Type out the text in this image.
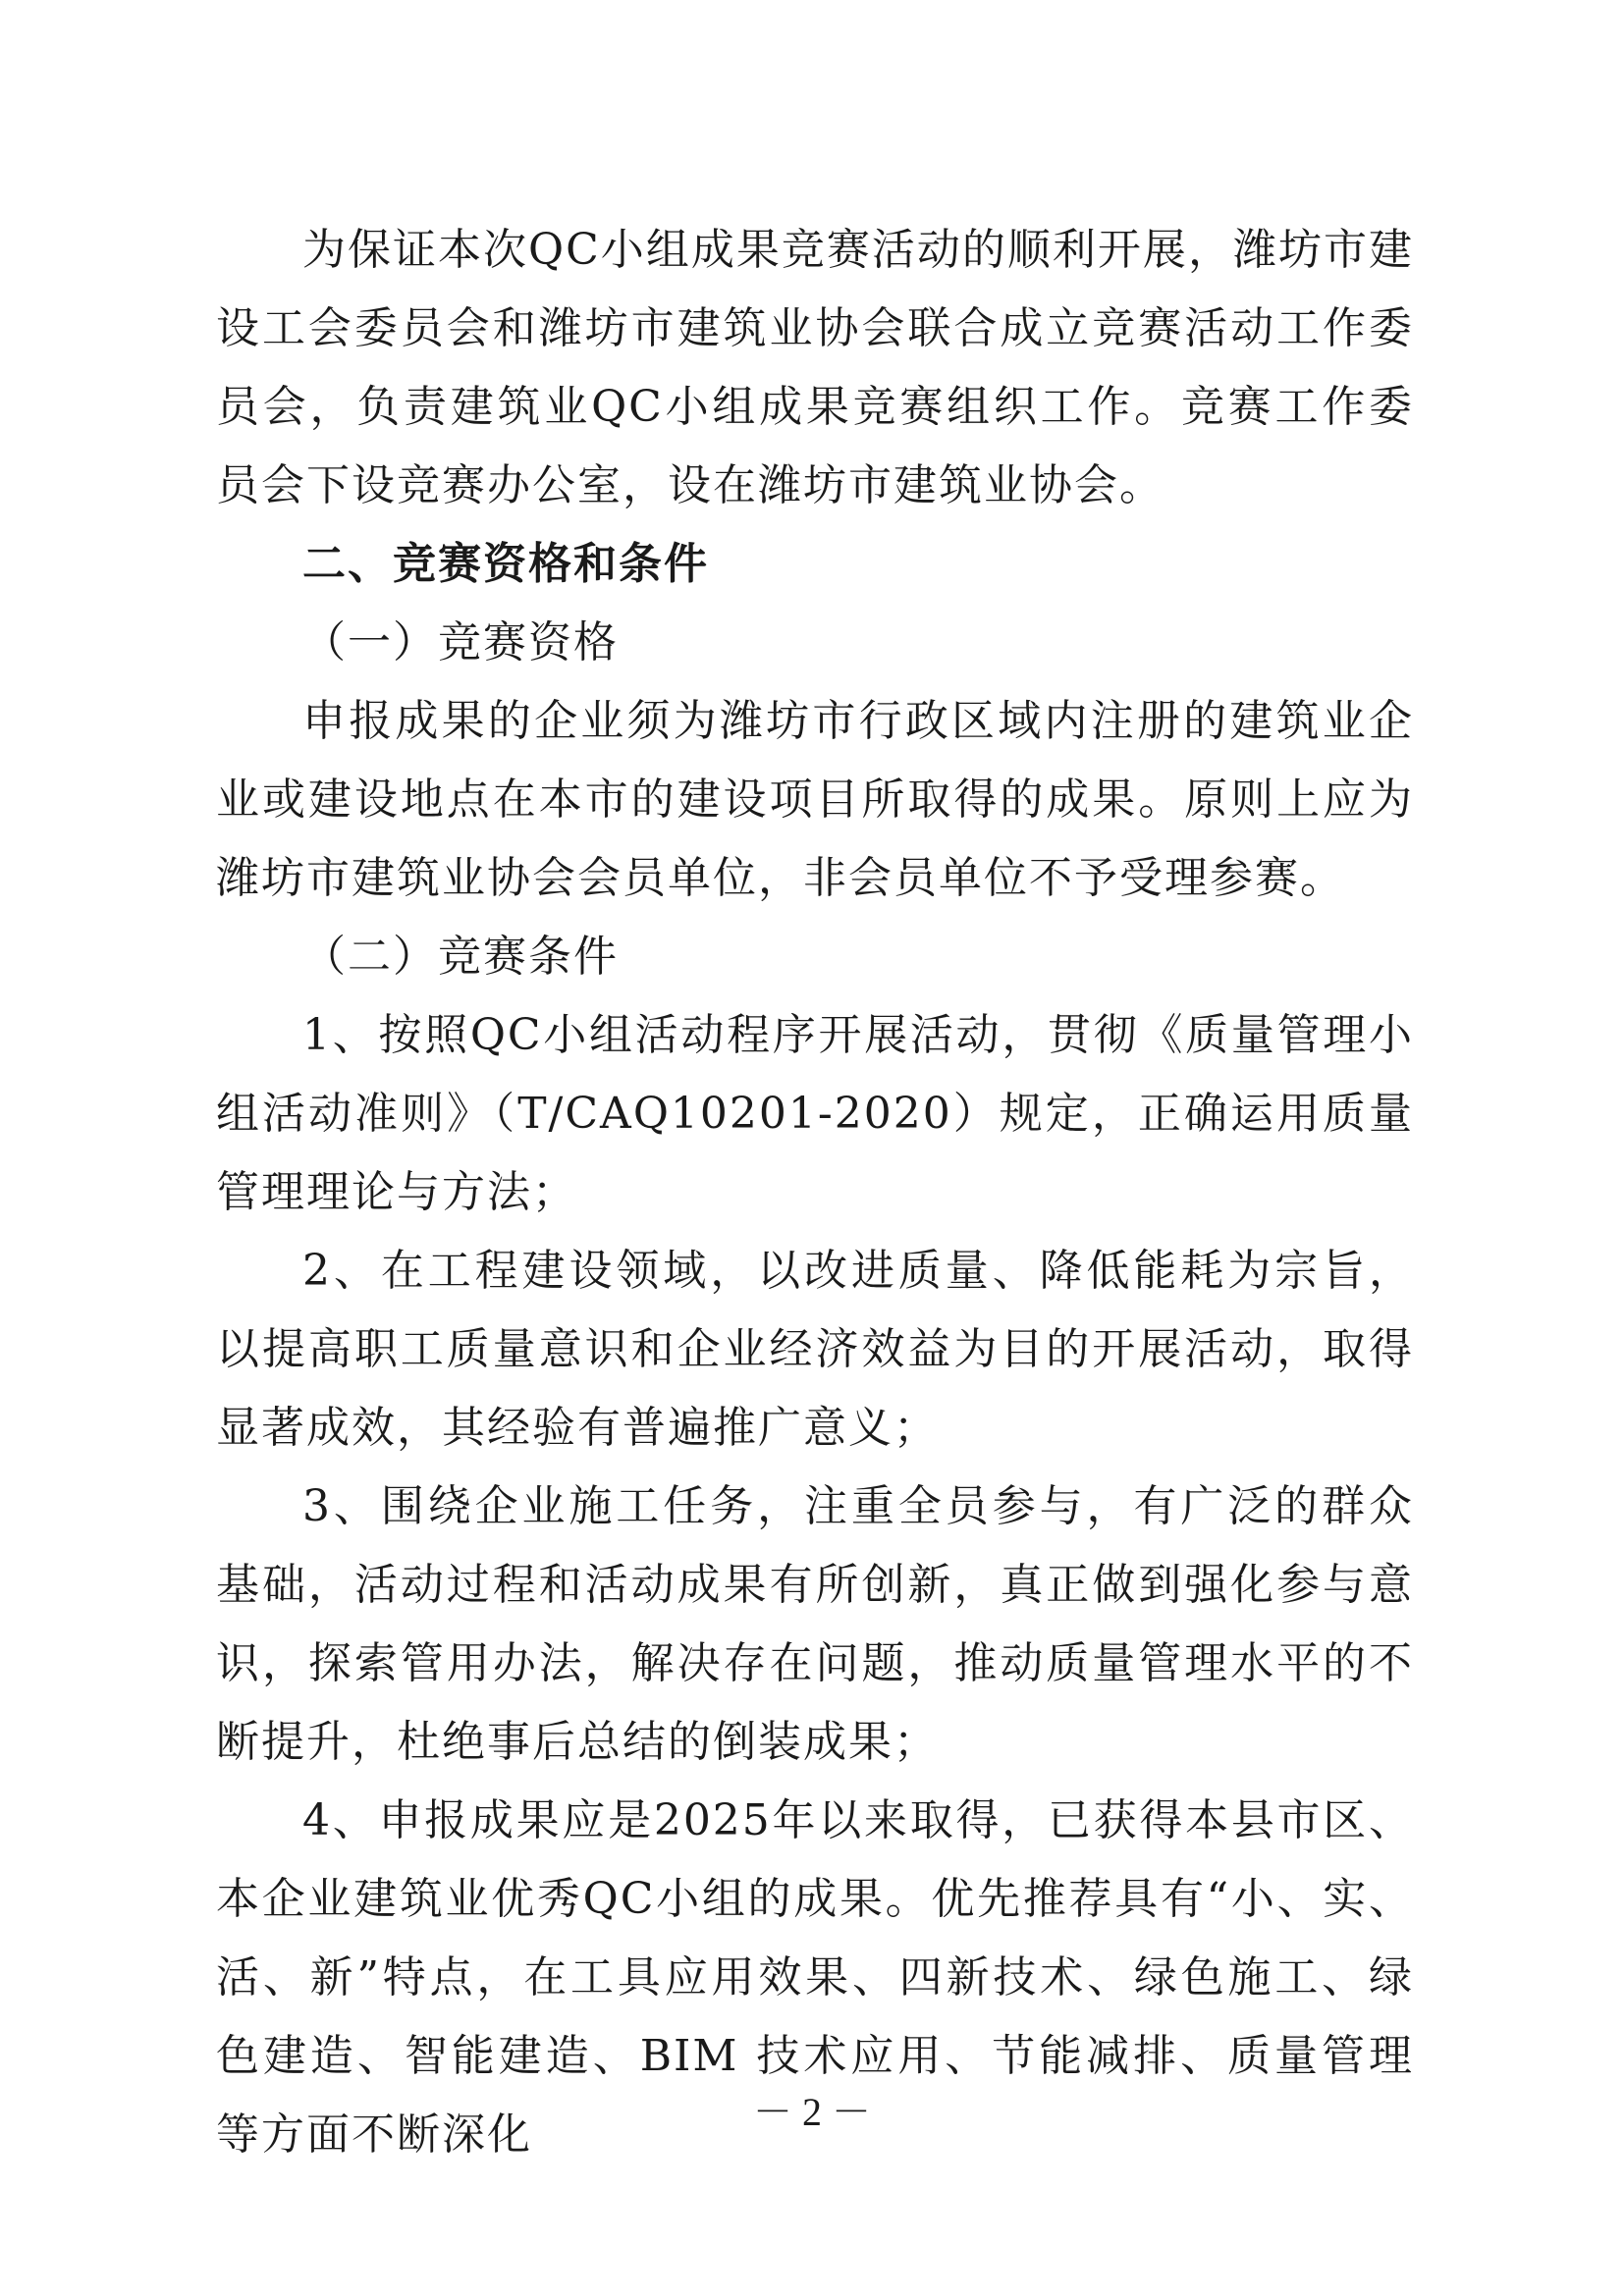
为保证本次QC小组成果竞赛活动的顺利开展，潍坊市建设工会委员会和潍坊市建筑业协会联合成立竞赛活动工作委员会，负责建筑业QC小组成果竞赛组织工作。竞赛工作委员会下设竞赛办公室，设在潍坊市建筑业协会。

二、竞赛资格和条件

（一）竞赛资格

申报成果的企业须为潍坊市行政区域内注册的建筑业企业或建设地点在本市的建设项目所取得的成果。原则上应为潍坊市建筑业协会会员单位，非会员单位不予受理参赛。

（二）竞赛条件

1、按照QC小组活动程序开展活动，贯彻《质量管理小组活动准则》（T/CAQ10201-2020）规定，正确运用质量管理理论与方法；

2、在工程建设领域，以改进质量、降低能耗为宗旨，以提高职工质量意识和企业经济效益为目的开展活动，取得显著成效，其经验有普遍推广意义；

3、围绕企业施工任务，注重全员参与，有广泛的群众基础，活动过程和活动成果有所创新，真正做到强化参与意识，探索管用办法，解决存在问题，推动质量管理水平的不断提升，杜绝事后总结的倒装成果；

4、申报成果应是2025年以来取得，已获得本县市区、本企业建筑业优秀QC小组的成果。优先推荐具有“小、实、活、新”特点，在工具应用效果、四新技术、绿色施工、绿色建造、智能建造、BIM 技术应用、节能减排、质量管理等方面不断深化	－ 2 －
